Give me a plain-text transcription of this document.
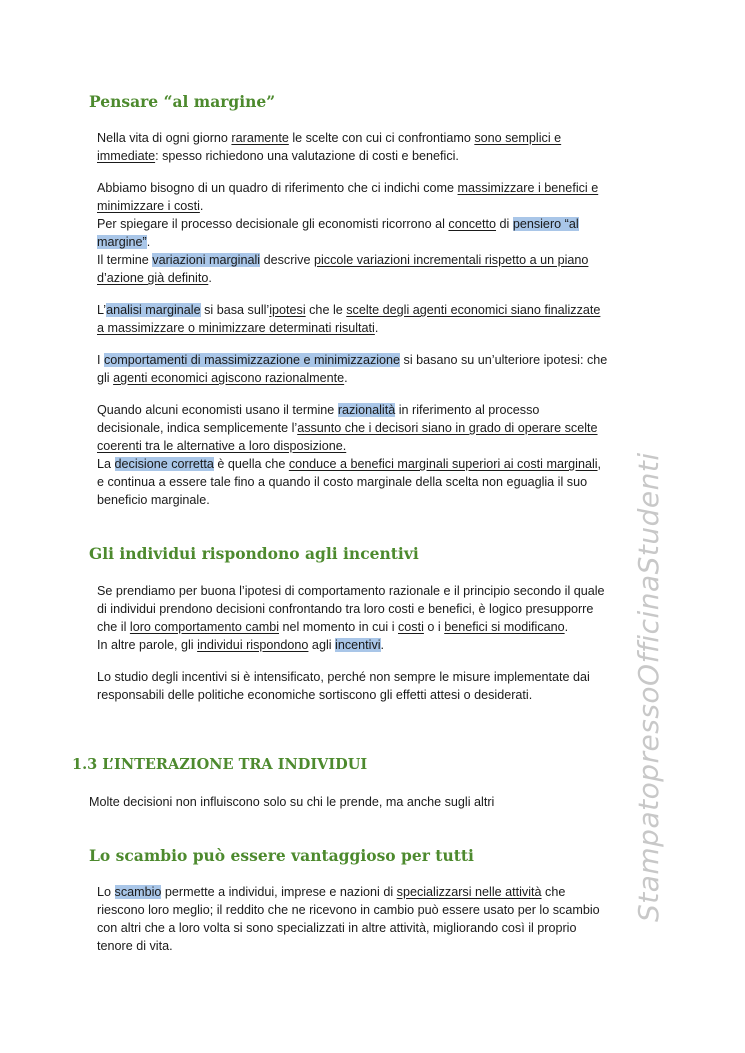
Pensare “al margine”
Nella vita di ogni giorno raramente le scelte con cui ci confrontiamo sono semplici e
immediate: spesso richiedono una valutazione di costi e benefici.
Abbiamo bisogno di un quadro di riferimento che ci indichi come massimizzare i benefici e
minimizzare i costi.
Per spiegare il processo decisionale gli economisti ricorrono al concetto di pensiero “al
margine”.
Il termine variazioni marginali descrive piccole variazioni incrementali rispetto a un piano
d’azione già definito.
L’analisi marginale si basa sull’ipotesi che le scelte degli agenti economici siano finalizzate
a massimizzare o minimizzare determinati risultati.
I comportamenti di massimizzazione e minimizzazione si basano su un’ulteriore ipotesi: che
gli agenti economici agiscono razionalmente.
Quando alcuni economisti usano il termine razionalità in riferimento al processo
decisionale, indica semplicemente l’assunto che i decisori siano in grado di operare scelte
coerenti tra le alternative a loro disposizione.
La decisione corretta è quella che conduce a benefici marginali superiori ai costi marginali,
e continua a essere tale fino a quando il costo marginale della scelta non eguaglia il suo
beneficio marginale.
Gli individui rispondono agli incentivi
Se prendiamo per buona l’ipotesi di comportamento razionale e il principio secondo il quale
di individui prendono decisioni confrontando tra loro costi e benefici, è logico presupporre
che il loro comportamento cambi nel momento in cui i costi o i benefici si modificano.
In altre parole, gli individui rispondono agli incentivi.
Lo studio degli incentivi si è intensificato, perché non sempre le misure implementate dai
responsabili delle politiche economiche sortiscono gli effetti attesi o desiderati.
1.3 L’INTERAZIONE TRA INDIVIDUI
Molte decisioni non influiscono solo su chi le prende, ma anche sugli altri
Lo scambio può essere vantaggioso per tutti
Lo scambio permette a individui, imprese e nazioni di specializzarsi nelle attività che
riescono loro meglio; il reddito che ne ricevono in cambio può essere usato per lo scambio
con altri che a loro volta si sono specializzati in altre attività, migliorando così il proprio
tenore di vita.
StampatopressoOfficinaStudenti
